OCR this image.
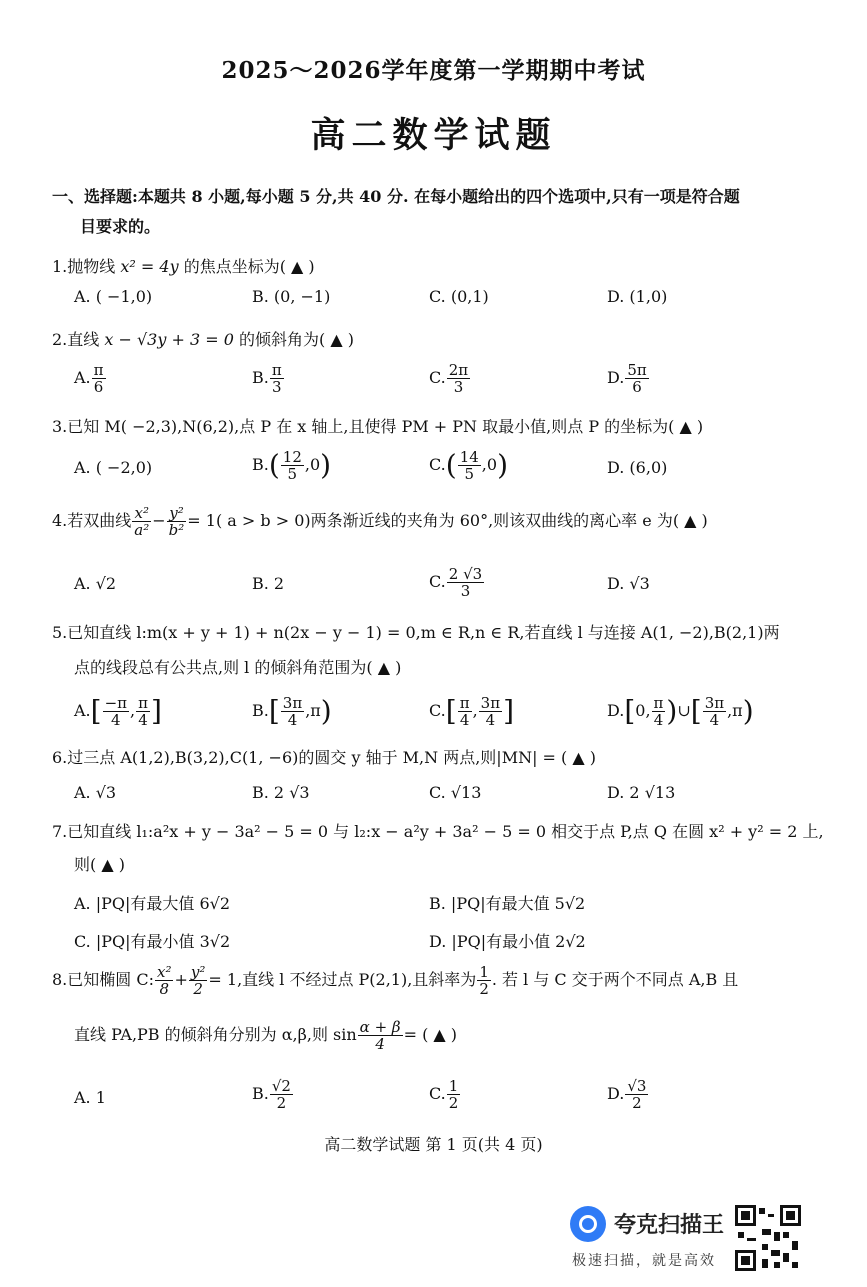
2025～2026学年度第一学期期中考试
高二数学试题
一、选择题:本题共 8 小题,每小题 5 分,共 40 分. 在每小题给出的四个选项中,只有一项是符合题
目要求的。
1.抛物线 x² = 4y 的焦点坐标为( ▲ )
A. ( −1,0)	B. (0, −1)	C. (0,1)	D. (1,0)
2.直线 x − √3y + 3 = 0 的倾斜角为( ▲ )
A. $\frac{\pi}{6}$	B. $\frac{\pi}{3}$	C. $\frac{2\pi}{3}$	D. $\frac{5\pi}{6}$
3.已知 M( −2,3),N(6,2),点 P 在 x 轴上,且使得 PM + PN 取最小值,则点 P 的坐标为( ▲ )
A. ( −2,0)	$B.( \frac{12}{5} ,0)$	$C.( \frac{14}{5} ,0)$	D. (6,0)
4.若双曲线 $\frac{\text{x²}}{\text{a²}} - \frac{\text{y²}}{\text{b²}} = 1$( a > b > 0)两条渐近线的夹角为 60°,则该双曲线的离心率 e 为( ▲ )
A. √2	B. 2	C. $\frac{2 √3}{3}$	D. √3
5.已知直线 l:m(x + y + 1) + n(2x − y − 1) = 0,m ∈ R,n ∈ R,若直线 l 与连接 A(1, −2),B(2,1)两
点的线段总有公共点,则 l 的倾斜角范围为( ▲ )
$A.[ \frac{-\pi}{4}$ , $\frac{\pi}{4}$ ]	$B.[ \frac{3\pi}{4} ,\pi)$	$C.[ \frac{\pi}{4}$ , $\frac{3\pi}{4}$ ]	D.[0, $\frac{\pi}{4}$ )∪[ $\frac{3\pi}{4} ,\pi$)
6.过三点 A(1,2),B(3,2),C(1, −6)的圆交 y 轴于 M,N 两点,则|MN| = ( ▲ )
A. √3	B. 2 √3	C. √13	D. 2 √13
7.已知直线 l₁:a²x + y − 3a² − 5 = 0 与 l₂:x − a²y + 3a² − 5 = 0 相交于点 P,点 Q 在圆 x² + y² = 2 上,
则( ▲ )
A. |PQ|有最大值 6√2	B. |PQ|有最大值 5√2
C. |PQ|有最小值 3√2	D. |PQ|有最小值 2√2
8.已知椭圆 C: $\frac{\text{x²}}{8} + \frac{\text{y²}}{2} = 1$,直线 l 不经过点 P(2,1),且斜率为 $\frac{1}{2}$ . 若 l 与 C 交于两个不同点 A,B 且
直线 PA,PB 的倾斜角分别为 α,β,则 $\sin \frac{\alpha + \beta}{4}$ = ( ▲ )
A. 1	B. $\frac{√2}{2}$	C. $\frac{1}{2}$	D. $\frac{√3}{2}$
高二数学试题 第 1 页(共 4 页)
夸克扫描王
极速扫描，就是高效
